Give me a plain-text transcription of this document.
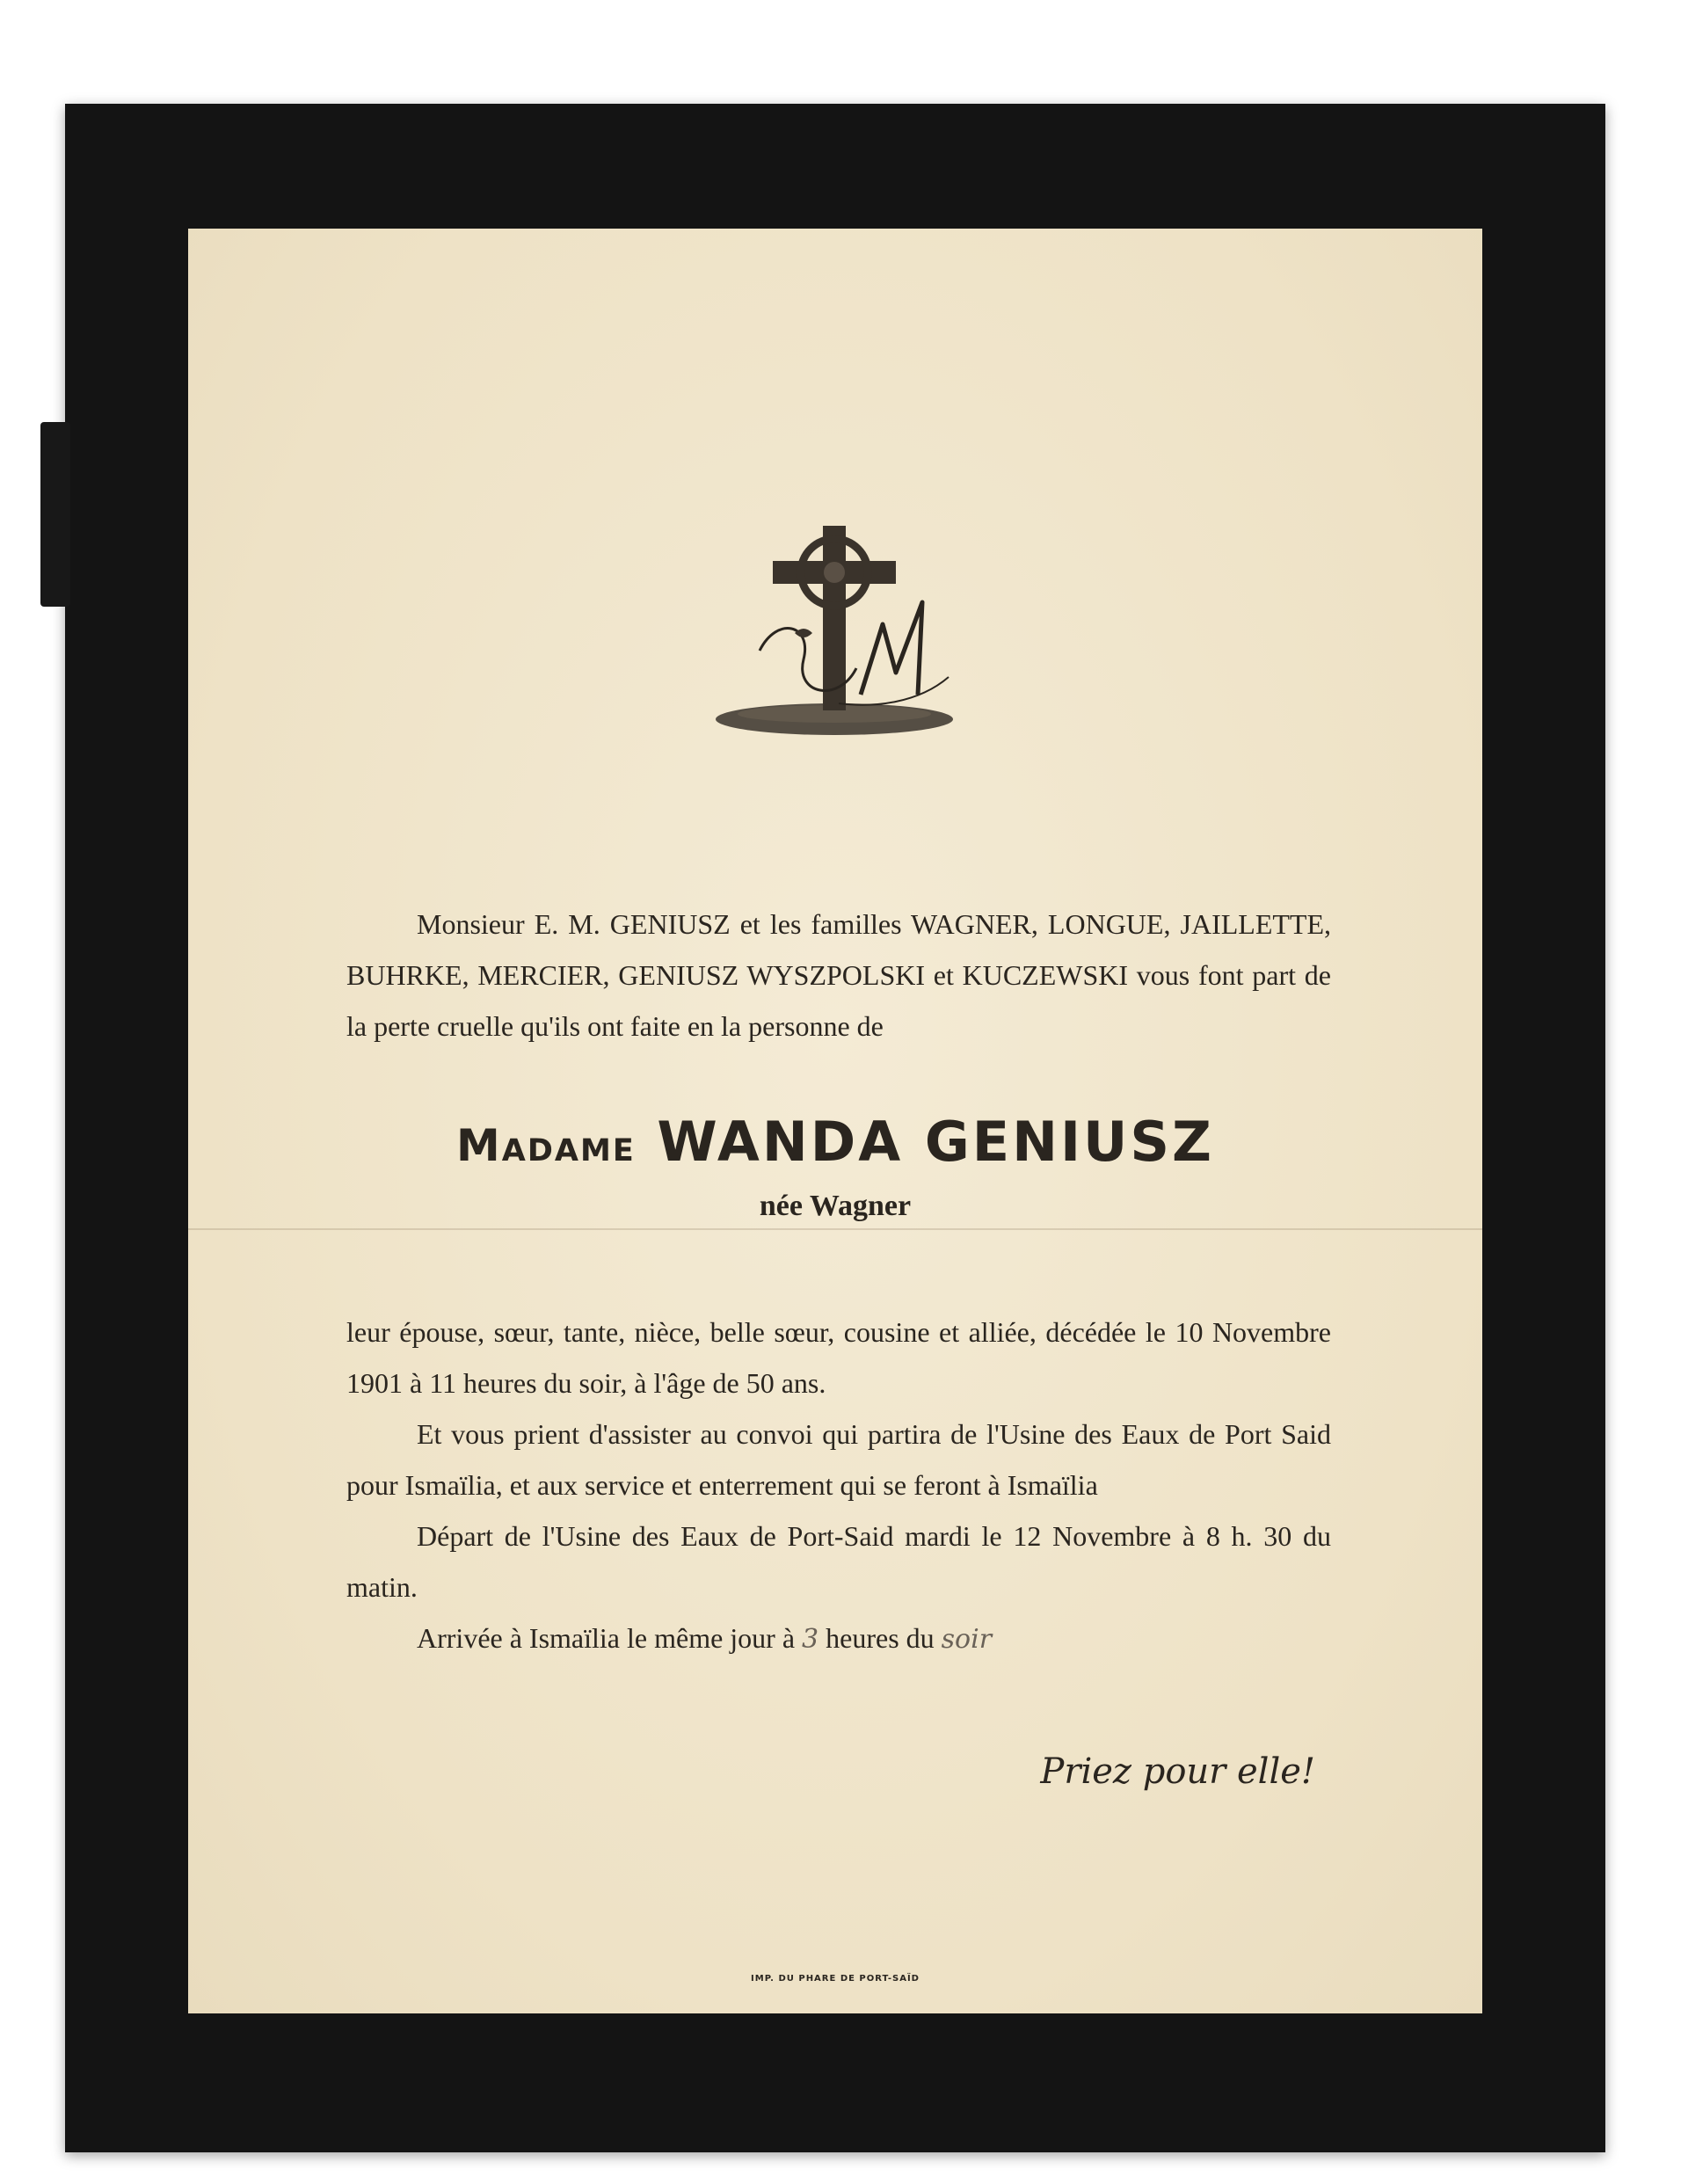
Monsieur E. M. GENIUSZ et les familles WAGNER, LONGUE, JAILLETTE, BUHRKE, MERCIER, GENIUSZ WYSZPOLSKI et KUCZEWSKI vous font part de la perte cruelle qu'ils ont faite en la personne de

Madame WANDA GENIUSZ
née Wagner

leur épouse, sœur, tante, nièce, belle sœur, cousine et alliée, décédée le 10 Novembre 1901 à 11 heures du soir, à l'âge de 50 ans.

Et vous prient d'assister au convoi qui partira de l'Usine des Eaux de Port Said pour Ismaïlia, et aux service et enterrement qui se feront à Ismaïlia

Départ de l'Usine des Eaux de Port-Said mardi le 12 Novembre à 8 h. 30 du matin.

Arrivée à Ismaïlia le même jour à 3 heures du soir

Priez pour elle!
IMP. DU PHARE DE PORT-SAÏD
